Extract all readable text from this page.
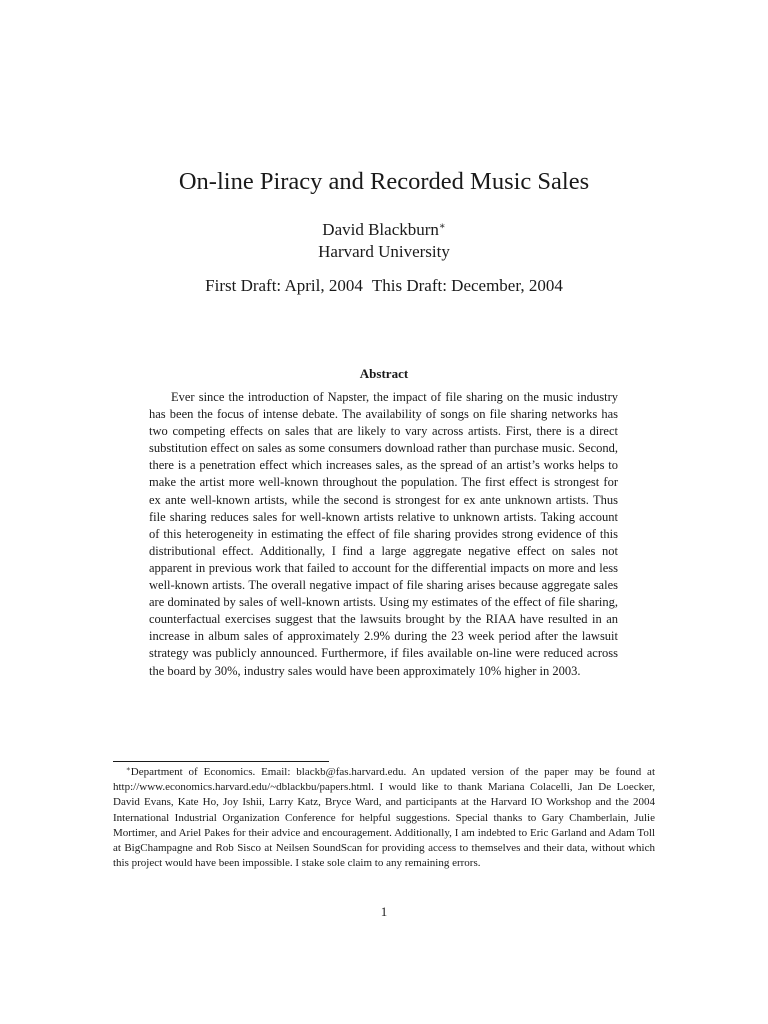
On-line Piracy and Recorded Music Sales
David Blackburn∗
Harvard University
First Draft: April, 2004 This Draft: December, 2004
Abstract

Ever since the introduction of Napster, the impact of file sharing on the music industry has been the focus of intense debate. The availability of songs on file sharing networks has two competing effects on sales that are likely to vary across artists. First, there is a direct substitution effect on sales as some consumers download rather than purchase music. Second, there is a penetration effect which increases sales, as the spread of an artist’s works helps to make the artist more well-known throughout the population. The first effect is strongest for ex ante well-known artists, while the second is strongest for ex ante unknown artists. Thus file sharing reduces sales for well-known artists relative to unknown artists. Taking account of this heterogeneity in estimating the effect of file sharing provides strong evidence of this distributional effect. Additionally, I find a large aggregate negative effect on sales not apparent in previous work that failed to account for the differential impacts on more and less well-known artists. The overall negative impact of file sharing arises because aggregate sales are dominated by sales of well-known artists. Using my estimates of the effect of file sharing, counterfactual exercises suggest that the lawsuits brought by the RIAA have resulted in an increase in album sales of approximately 2.9% during the 23 week period after the lawsuit strategy was publicly announced. Furthermore, if files available on-line were reduced across the board by 30%, industry sales would have been approximately 10% higher in 2003.

∗Department of Economics. Email: blackb@fas.harvard.edu. An updated version of the paper may be found at http://www.economics.harvard.edu/~dblackbu/papers.html. I would like to thank Mariana Colacelli, Jan De Loecker, David Evans, Kate Ho, Joy Ishii, Larry Katz, Bryce Ward, and participants at the Harvard IO Workshop and the 2004 International Industrial Organization Conference for helpful suggestions. Special thanks to Gary Chamberlain, Julie Mortimer, and Ariel Pakes for their advice and encouragement. Additionally, I am indebted to Eric Garland and Adam Toll at BigChampagne and Rob Sisco at Neilsen SoundScan for providing access to themselves and their data, without which this project would have been impossible. I stake sole claim to any remaining errors.

1
